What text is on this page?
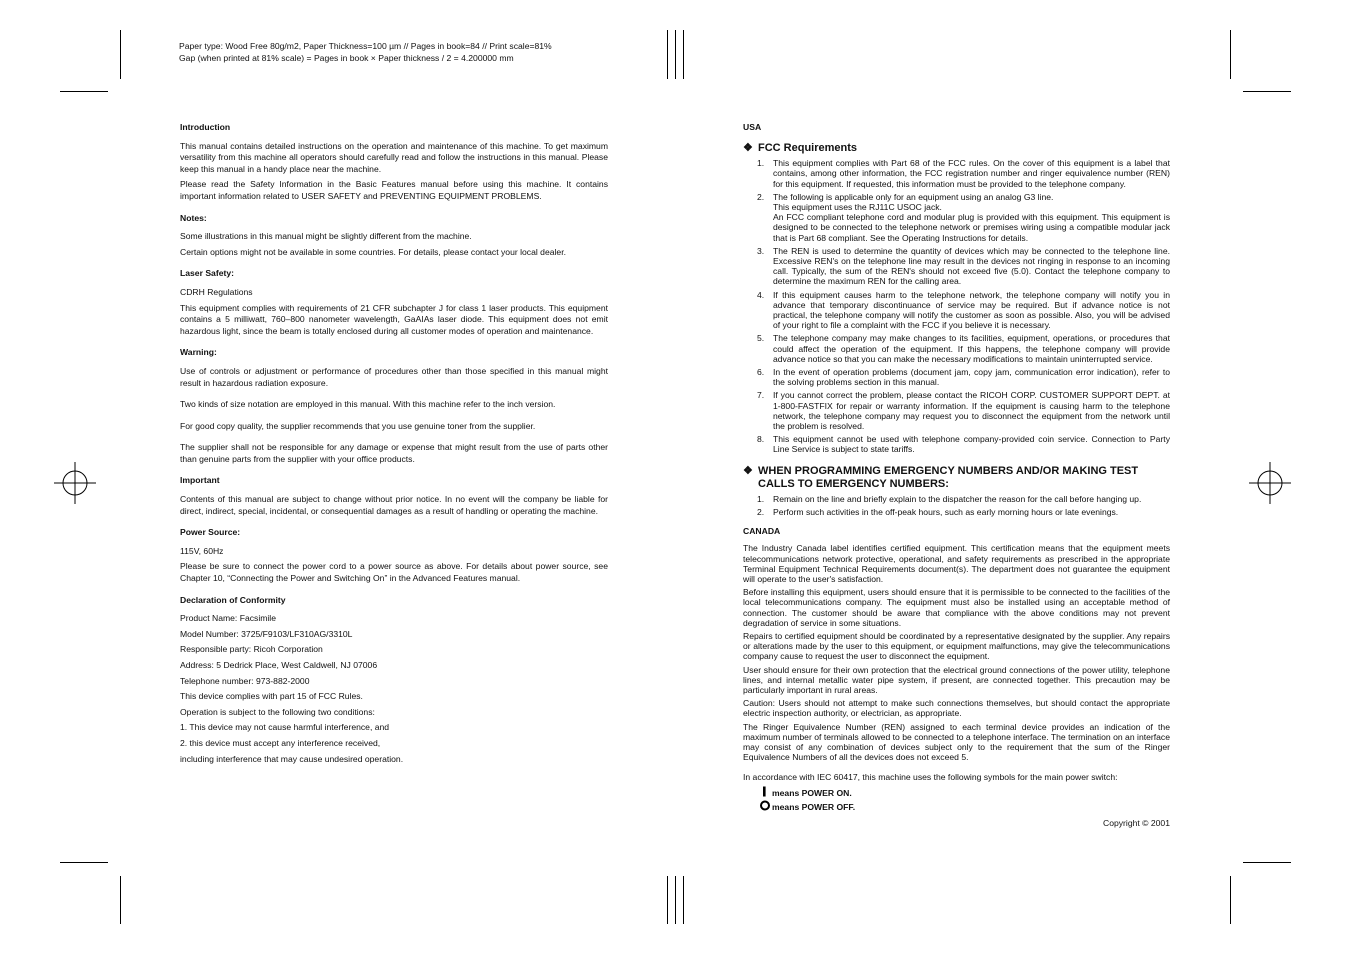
Paper type: Wood Free 80g/m2, Paper Thickness=100 µm // Pages in book=84 // Print scale=81%
Gap (when printed at 81% scale) = Pages in book × Paper thickness / 2 = 4.200000 mm
Introduction

This manual contains detailed instructions on the operation and maintenance of this machine. To get maximum versatility from this machine all operators should carefully read and follow the instructions in this manual. Please keep this manual in a handy place near the machine.

Please read the Safety Information in the Basic Features manual before using this machine. It contains important information related to USER SAFETY and PREVENTING EQUIPMENT PROBLEMS.

Notes:

Some illustrations in this manual might be slightly different from the machine.

Certain options might not be available in some countries. For details, please contact your local dealer.

Laser Safety:

CDRH Regulations

This equipment complies with requirements of 21 CFR subchapter J for class 1 laser products. This equipment contains a 5 milliwatt, 760–800 nanometer wavelength, GaAIAs laser diode. This equipment does not emit hazardous light, since the beam is totally enclosed during all customer modes of operation and maintenance.

Warning:

Use of controls or adjustment or performance of procedures other than those specified in this manual might result in hazardous radiation exposure.

Two kinds of size notation are employed in this manual. With this machine refer to the inch version.

For good copy quality, the supplier recommends that you use genuine toner from the supplier.

The supplier shall not be responsible for any damage or expense that might result from the use of parts other than genuine parts from the supplier with your office products.

Important

Contents of this manual are subject to change without prior notice. In no event will the company be liable for direct, indirect, special, incidental, or consequential damages as a result of handling or operating the machine.

Power Source:

115V, 60Hz

Please be sure to connect the power cord to a power source as above. For details about power source, see Chapter 10, “Connecting the Power and Switching On” in the Advanced Features manual.

Declaration of Conformity

Product Name: Facsimile

Model Number: 3725/F9103/LF310AG/3310L

Responsible party: Ricoh Corporation

Address: 5 Dedrick Place, West Caldwell, NJ 07006

Telephone number: 973-882-2000

This device complies with part 15 of FCC Rules.

Operation is subject to the following two conditions:

1. This device may not cause harmful interference, and

2. this device must accept any interference received,

including interference that may cause undesired operation.

USA
❖ FCC Requirements
1.	This equipment complies with Part 68 of the FCC rules. On the cover of this equipment is a label that contains, among other information, the FCC registration number and ringer equivalence number (REN) for this equipment. If requested, this information must be provided to the telephone company.
2.	The following is applicable only for an equipment using an analog G3 line.
This equipment uses the RJ11C USOC jack.
An FCC compliant telephone cord and modular plug is provided with this equipment. This equipment is designed to be connected to the telephone network or premises wiring using a compatible modular jack that is Part 68 compliant. See the Operating Instructions for details.
3.	The REN is used to determine the quantity of devices which may be connected to the telephone line. Excessive REN's on the telephone line may result in the devices not ringing in response to an incoming call. Typically, the sum of the REN's should not exceed five (5.0). Contact the telephone company to determine the maximum REN for the calling area.
4.	If this equipment causes harm to the telephone network, the telephone company will notify you in advance that temporary discontinuance of service may be required. But if advance notice is not practical, the telephone company will notify the customer as soon as possible. Also, you will be advised of your right to file a complaint with the FCC if you believe it is necessary.
5.	The telephone company may make changes to its facilities, equipment, operations, or procedures that could affect the operation of the equipment. If this happens, the telephone company will provide advance notice so that you can make the necessary modifications to maintain uninterrupted service.
6.	In the event of operation problems (document jam, copy jam, communication error indication), refer to the solving problems section in this manual.
7.	If you cannot correct the problem, please contact the RICOH CORP. CUSTOMER SUPPORT DEPT. at 1-800-FASTFIX for repair or warranty information. If the equipment is causing harm to the telephone network, the telephone company may request you to disconnect the equipment from the network until the problem is resolved.
8.	This equipment cannot be used with telephone company-provided coin service. Connection to Party Line Service is subject to state tariffs.
❖ WHEN PROGRAMMING EMERGENCY NUMBERS AND/OR MAKING TEST CALLS TO EMERGENCY NUMBERS:
1.	Remain on the line and briefly explain to the dispatcher the reason for the call before hanging up.
2.	Perform such activities in the off-peak hours, such as early morning hours or late evenings.
CANADA

The Industry Canada label identifies certified equipment. This certification means that the equipment meets telecommunications network protective, operational, and safety requirements as prescribed in the appropriate Terminal Equipment Technical Requirements document(s). The department does not guarantee the equipment will operate to the user's satisfaction.

Before installing this equipment, users should ensure that it is permissible to be connected to the facilities of the local telecommunications company. The equipment must also be installed using an acceptable method of connection. The customer should be aware that compliance with the above conditions may not prevent degradation of service in some situations.

Repairs to certified equipment should be coordinated by a representative designated by the supplier. Any repairs or alterations made by the user to this equipment, or equipment malfunctions, may give the telecommunications company cause to request the user to disconnect the equipment.

User should ensure for their own protection that the electrical ground connections of the power utility, telephone lines, and internal metallic water pipe system, if present, are connected together. This precaution may be particularly important in rural areas.

Caution: Users should not attempt to make such connections themselves, but should contact the appropriate electric inspection authority, or electrician, as appropriate.

The Ringer Equivalence Number (REN) assigned to each terminal device provides an indication of the maximum number of terminals allowed to be connected to a telephone interface. The termination on an interface may consist of any combination of devices subject only to the requirement that the sum of the Ringer Equivalence Numbers of all the devices does not exceed 5.

In accordance with IEC 60417, this machine uses the following symbols for the main power switch:

means POWER ON.
means POWER OFF.
Copyright © 2001
